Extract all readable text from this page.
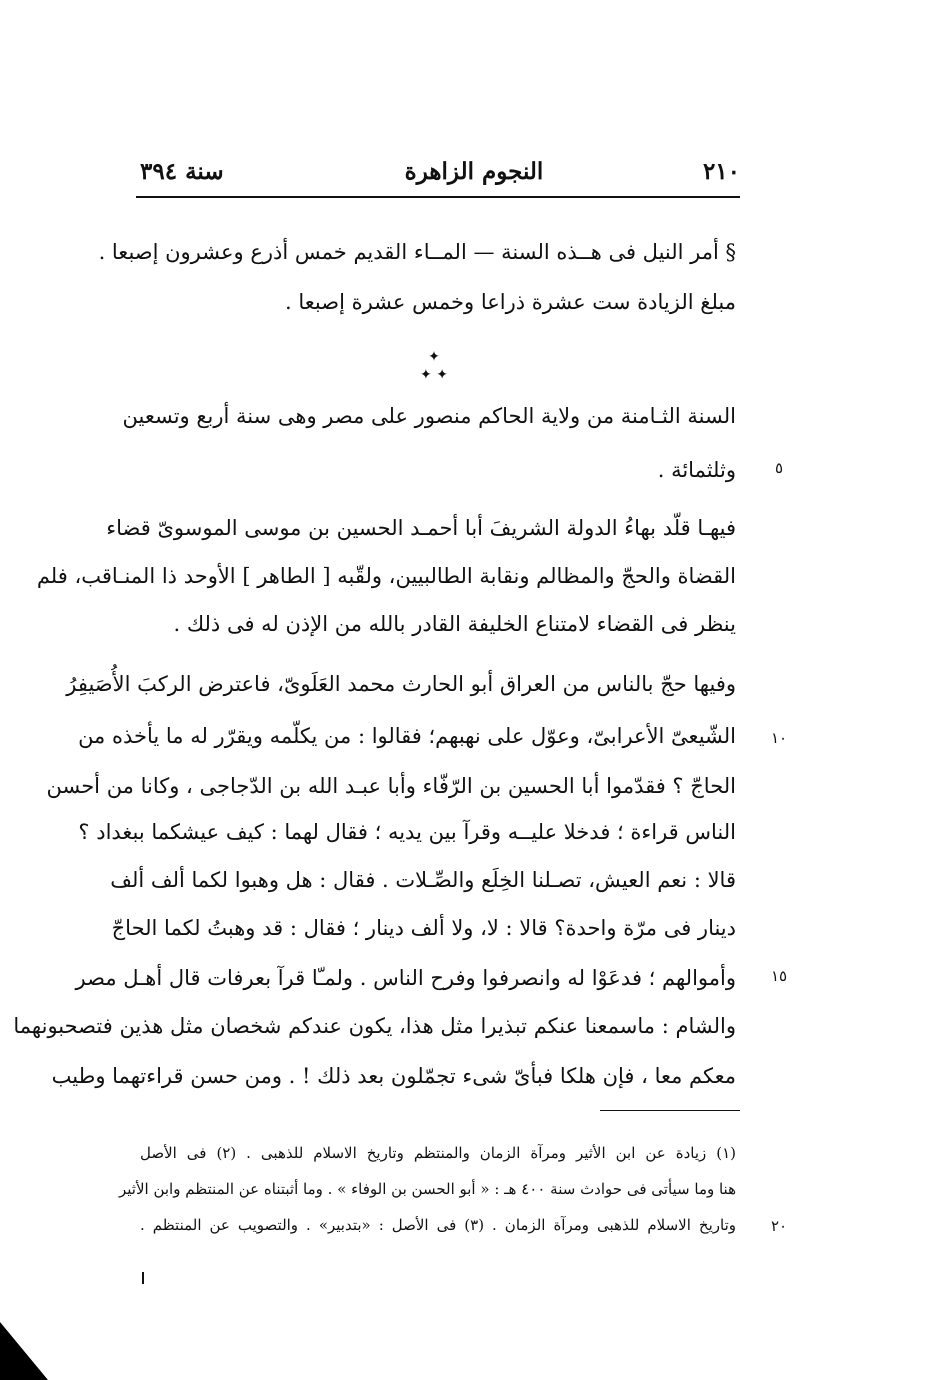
٢١٠
النجوم الزاهرة
سنة ٣٩٤
§ أمر النيل فى هــذه السنة — المــاء القديم خمس أذرع وعشرون إصبعا .
مبلغ الزيادة ست عشرة ذراعا وخمس عشرة إصبعا .
✦
✦ ✦
السنة الثـامنة من ولاية الحاكم منصور على مصر وهى سنة أربع وتسعين
وثلثمائة .	٥
فيهـا قلّد بهاءُ الدولة الشريفَ أبا أحمـد الحسين بن موسى الموسوىّ قضاء
القضاة والحجّ والمظالم ونقابة الطالبيين، ولقّبه [ الطاهر ] الأوحد ذا المنـاقب، فلم
ينظر فى القضاء لامتناع الخليفة القادر بالله من الإذن له فى ذلك .
وفيها حجّ بالناس من العراق أبو الحارث محمد العَلَوىّ، فاعترض الركبَ الأُصَيفِرُ
الشّيعىّ الأعرابىّ، وعوّل على نهبهم؛ فقالوا : من يكلّمه ويقرّر له ما يأخذه من	١٠
الحاجّ ؟ فقدّموا أبا الحسين بن الرّفّاء وأبا عبـد الله بن الدّجاجى ، وكانا من أحسن
الناس قراءة ؛ فدخلا عليــه وقرآ بين يديه ؛ فقال لهما : كيف عيشكما ببغداد ؟
قالا : نعم العيش، تصـلنا الخِلَع والصِّـلات . فقال : هل وهبوا لكما ألف ألف
دينار فى مرّة واحدة؟ قالا : لا، ولا ألف دينار ؛ فقال : قد وهبتُ لكما الحاجّ
وأموالهم ؛ فدعَوْا له وانصرفوا وفرح الناس . ولمـّا قرآ بعرفات قال أهـل مصر	١٥
والشام : ماسمعنا عنكم تبذيرا مثل هذا، يكون عندكم شخصان مثل هذين فتصحبونهما
معكم معا ، فإن هلكا فبأىّ شىء تجمّلون بعد ذلك ! . ومن حسن قراءتهما وطيب
(١) زيادة عن ابن الأثير ومرآة الزمان والمنتظم وتاريخ الاسلام للذهبى . (٢) فى الأصل
هنا وما سيأتى فى حوادث سنة ٤٠٠ هـ : « أبو الحسن بن الوفاء » . وما أثبتناه عن المنتظم وابن الأثير
وتاريخ الاسلام للذهبى ومرآة الزمان . (٣) فى الأصل : «بتدبير» . والتصويب عن المنتظم .	٢٠
